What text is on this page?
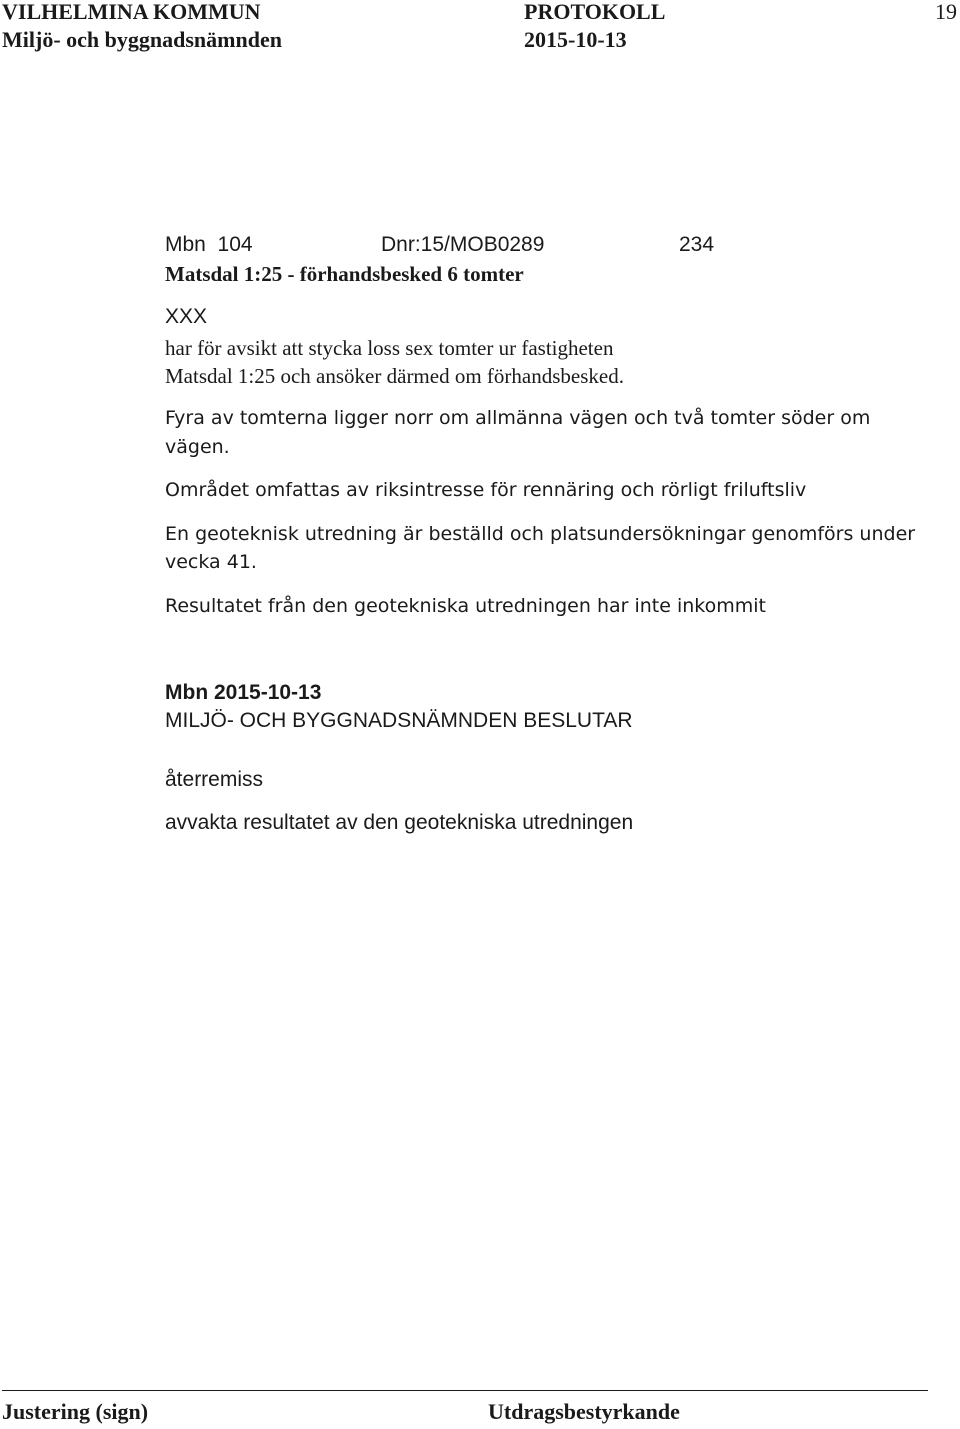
VILHELMINA KOMMUN	PROTOKOLL	19
Miljö- och byggnadsnämnden	2015-10-13
Mbn  104	Dnr:15/MOB0289	234
Matsdal 1:25 - förhandsbesked 6 tomter
XXX
har för avsikt att stycka loss sex tomter ur fastigheten
Matsdal 1:25 och ansöker därmed om förhandsbesked.
Fyra av tomterna ligger norr om allmänna vägen och två tomter söder om
vägen.
Området omfattas av riksintresse för rennäring och rörligt friluftsliv
En geoteknisk utredning är beställd och platsundersökningar genomförs under
vecka 41.
Resultatet från den geotekniska utredningen har inte inkommit
Mbn 2015-10-13
MILJÖ- OCH BYGGNADSNÄMNDEN BESLUTAR
återremiss
avvakta resultatet av den geotekniska utredningen
Justering (sign)	Utdragsbestyrkande
